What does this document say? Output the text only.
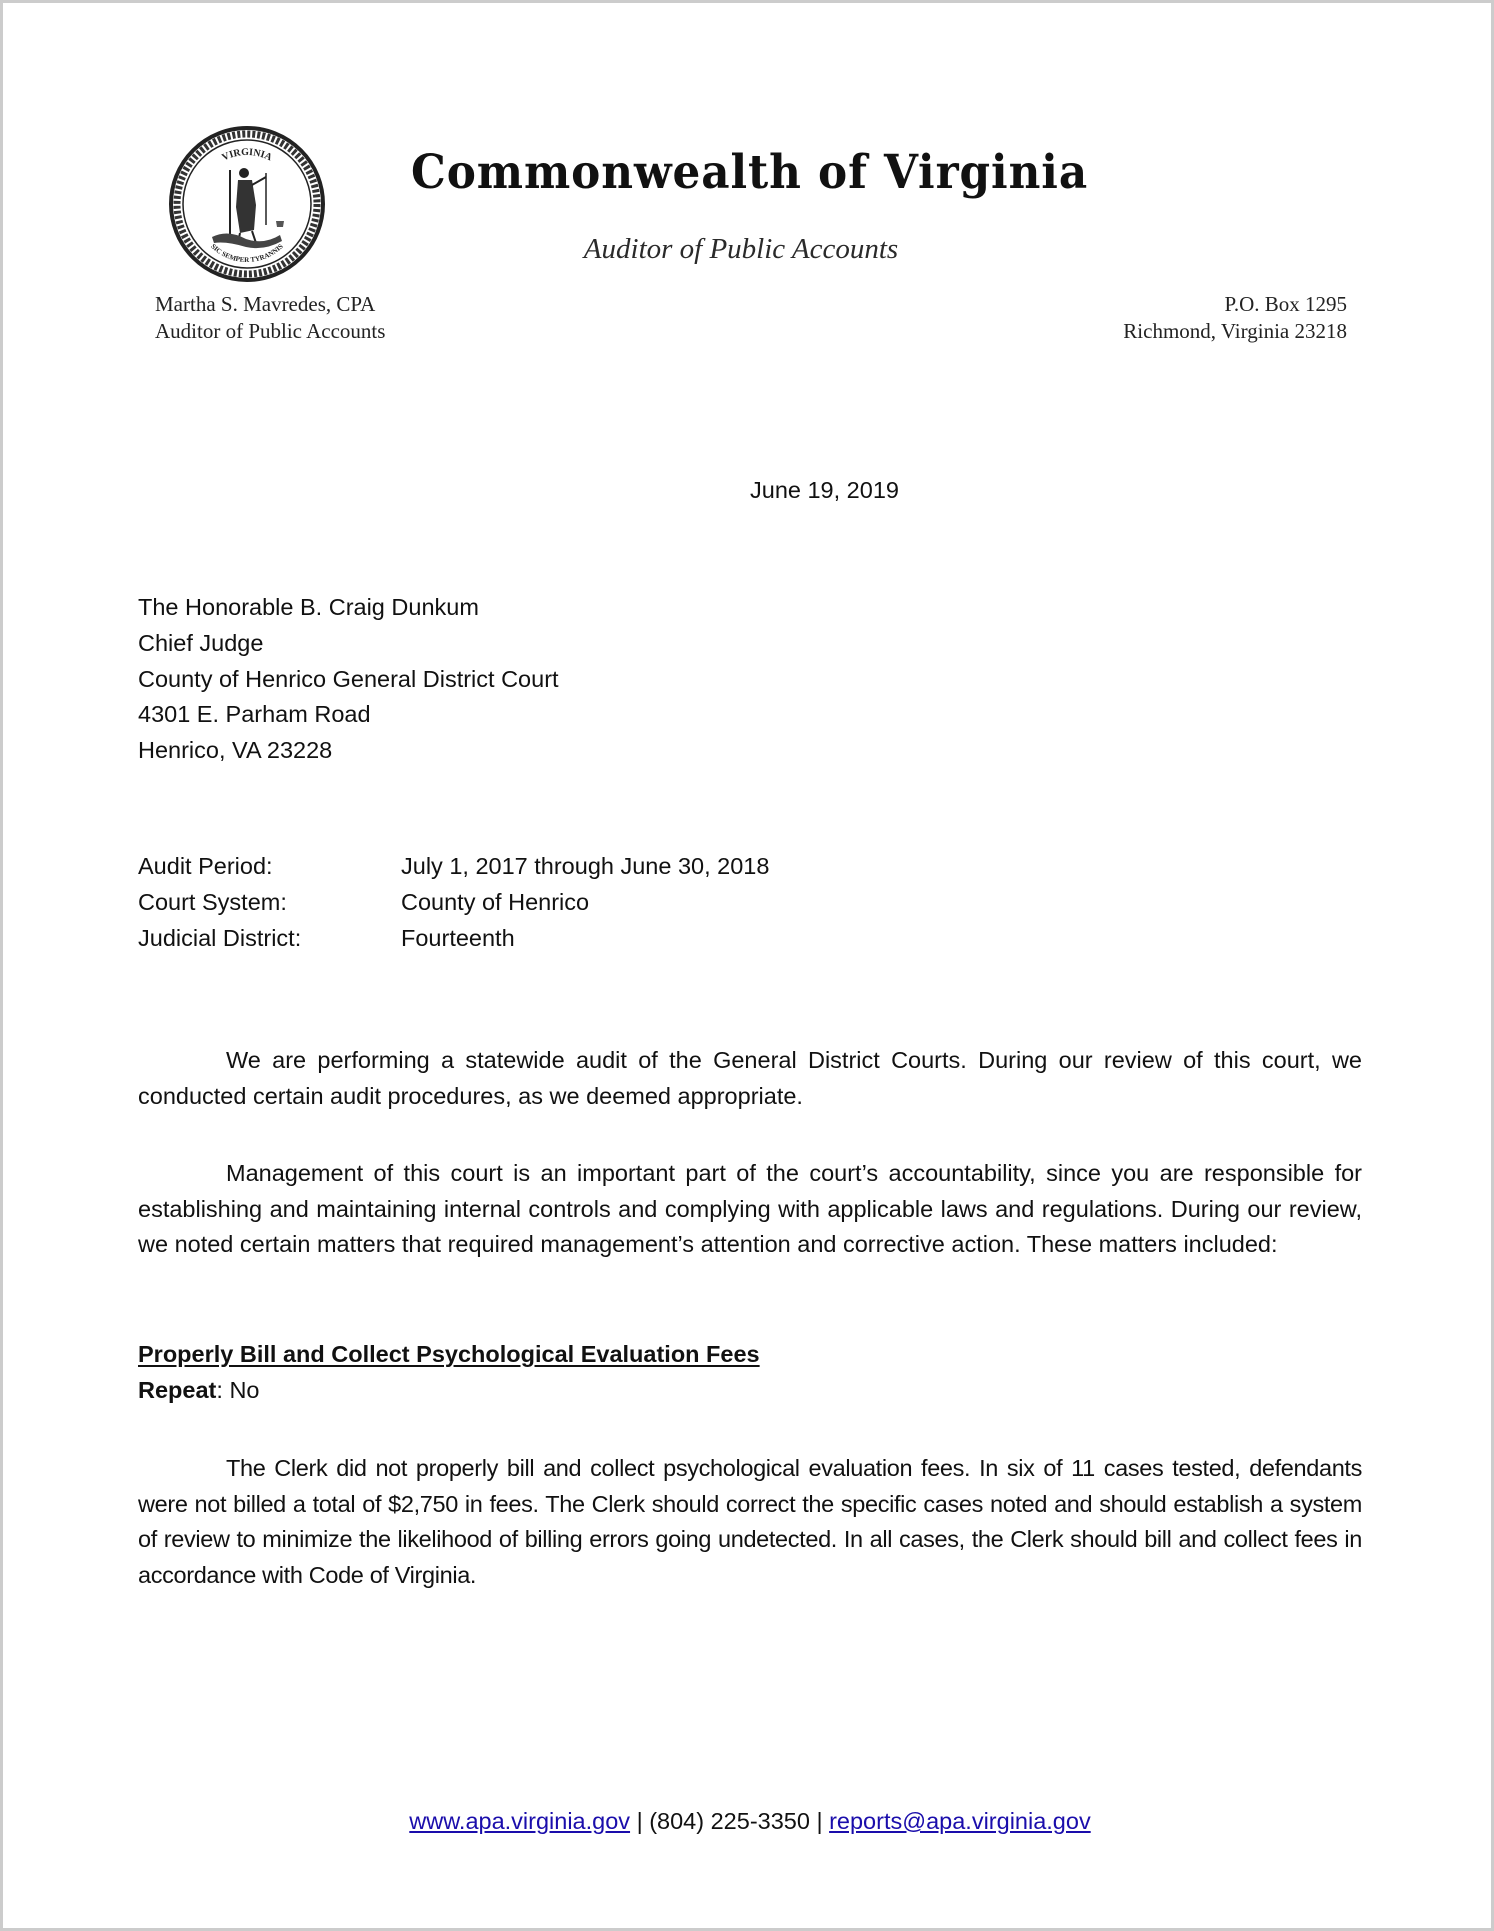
VIRGINIA
SIC SEMPER TYRANNIS
Commonwealth of Virginia
Auditor of Public Accounts
Martha S. Mavredes, CPA
Auditor of Public Accounts
P.O. Box 1295
Richmond, Virginia 23218
June 19, 2019
The Honorable B. Craig Dunkum
Chief Judge
County of Henrico General District Court
4301 E. Parham Road
Henrico, VA 23228
Audit Period:	July 1, 2017 through June 30, 2018
Court System:	County of Henrico
Judicial District:	Fourteenth

We are performing a statewide audit of the General District Courts. During our review of this court, we conducted certain audit procedures, as we deemed appropriate.

Management of this court is an important part of the court’s accountability, since you are responsible for establishing and maintaining internal controls and complying with applicable laws and regulations. During our review, we noted certain matters that required management’s attention and corrective action. These matters included:

Properly Bill and Collect Psychological Evaluation Fees
Repeat: No

The Clerk did not properly bill and collect psychological evaluation fees. In six of 11 cases tested, defendants were not billed a total of $2,750 in fees. The Clerk should correct the specific cases noted and should establish a system of review to minimize the likelihood of billing errors going undetected. In all cases, the Clerk should bill and collect fees in accordance with Code of Virginia.

www.apa.virginia.gov | (804) 225-3350 | reports@apa.virginia.gov
